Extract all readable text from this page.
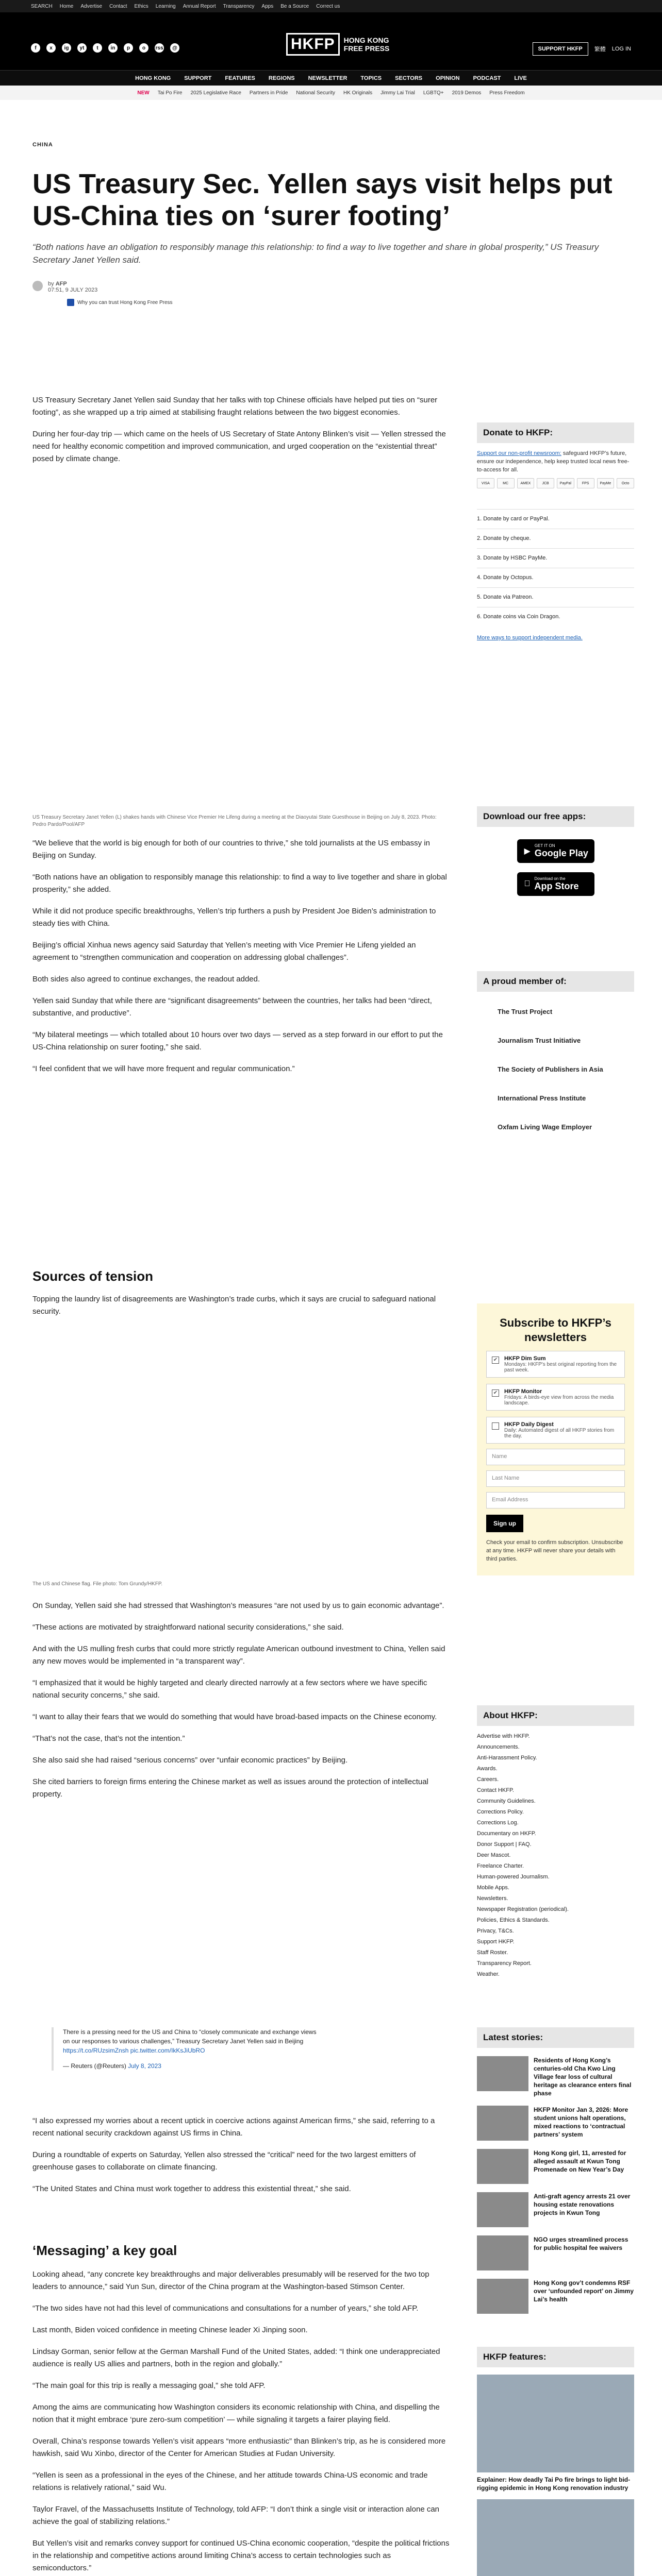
SEARCH Home Advertise Contact Ethics Learning Annual Report Transparency Apps Be a Source Correct us
f	x	ig	yt	t	in	p	o	rss	@	HKFP	HONG KONG
FREE PRESS	SUPPORT HKFP	繁體 LOG IN
HONG KONG SUPPORT FEATURES REGIONS NEWSLETTER TOPICS SECTORS OPINION PODCAST LIVE
NEW Tai Po Fire 2025 Legislative Race Partners in Pride National Security HK Originals Jimmy Lai Trial LGBTQ+ 2019 Demos Press Freedom
CHINA
US Treasury Sec. Yellen says visit helps put US-China ties on ‘surer footing’
“Both nations have an obligation to responsibly manage this relationship: to find a way to live together and share in global prosperity,” US Treasury Secretary Janet Yellen said.
by AFP
07:51, 9 JULY 2023
Why you can trust Hong Kong Free Press

US Treasury Secretary Janet Yellen said Sunday that her talks with top Chinese officials have helped put ties on “surer footing”, as she wrapped up a trip aimed at stabilising fraught relations between the two biggest economies.

During her four-day trip — which came on the heels of US Secretary of State Antony Blinken’s visit — Yellen stressed the need for healthy economic competition and improved communication, and urged cooperation on the “existential threat” posed by climate change.

US Treasury Secretary Janet Yellen (L) shakes hands with Chinese Vice Premier He Lifeng during a meeting at the Diaoyutai State Guesthouse in Beijing on July 8, 2023. Photo: Pedro Pardo/Pool/AFP

“We believe that the world is big enough for both of our countries to thrive,” she told journalists at the US embassy in Beijing on Sunday.

“Both nations have an obligation to responsibly manage this relationship: to find a way to live together and share in global prosperity,” she added.

While it did not produce specific breakthroughs, Yellen’s trip furthers a push by President Joe Biden’s administration to steady ties with China.

Beijing’s official Xinhua news agency said Saturday that Yellen’s meeting with Vice Premier He Lifeng yielded an agreement to “strengthen communication and cooperation on addressing global challenges”.

Both sides also agreed to continue exchanges, the readout added.

Yellen said Sunday that while there are “significant disagreements” between the countries, her talks had been “direct, substantive, and productive”.

“My bilateral meetings — which totalled about 10 hours over two days — served as a step forward in our effort to put the US-China relationship on surer footing,” she said.

“I feel confident that we will have more frequent and regular communication.”

Sources of tension

Topping the laundry list of disagreements are Washington’s trade curbs, which it says are crucial to safeguard national security.

The US and Chinese flag. File photo: Tom Grundy/HKFP.

On Sunday, Yellen said she had stressed that Washington’s measures “are not used by us to gain economic advantage”.

“These actions are motivated by straightforward national security considerations,” she said.

And with the US mulling fresh curbs that could more strictly regulate American outbound investment to China, Yellen said any new moves would be implemented in “a transparent way”.

“I emphasized that it would be highly targeted and clearly directed narrowly at a few sectors where we have specific national security concerns,” she said.

“I want to allay their fears that we would do something that would have broad-based impacts on the Chinese economy.

“That’s not the case, that’s not the intention.”

She also said she had raised “serious concerns” over “unfair economic practices” by Beijing.

She cited barriers to foreign firms entering the Chinese market as well as issues around the protection of intellectual property.

There is a pressing need for the US and China to “closely communicate and exchange views on our responses to various challenges,” Treasury Secretary Janet Yellen said in Beijing https://t.co/RUzsimZnsh pic.twitter.com/IkKsJiUbRO

— Reuters (@Reuters) July 8, 2023

“I also expressed my worries about a recent uptick in coercive actions against American firms,” she said, referring to a recent national security crackdown against US firms in China.

During a roundtable of experts on Saturday, Yellen also stressed the “critical” need for the two largest emitters of greenhouse gases to collaborate on climate financing.

“The United States and China must work together to address this existential threat,” she said.

‘Messaging’ a key goal

Looking ahead, “any concrete key breakthroughs and major deliverables presumably will be reserved for the two top leaders to announce,” said Yun Sun, director of the China program at the Washington-based Stimson Center.

“The two sides have not had this level of communications and consultations for a number of years,” she told AFP.

Last month, Biden voiced confidence in meeting Chinese leader Xi Jinping soon.

Lindsay Gorman, senior fellow at the German Marshall Fund of the United States, added: “I think one underappreciated audience is really US allies and partners, both in the region and globally.”

“The main goal for this trip is really a messaging goal,” she told AFP.

Among the aims are communicating how Washington considers its economic relationship with China, and dispelling the notion that it might embrace ‘pure zero-sum competition’ — while signaling it targets a fairer playing field.

Overall, China’s response towards Yellen’s visit appears “more enthusiastic” than Blinken’s trip, as he is considered more hawkish, said Wu Xinbo, director of the Center for American Studies at Fudan University.

“Yellen is seen as a professional in the eyes of the Chinese, and her attitude towards China-US economic and trade relations is relatively rational,” said Wu.

Taylor Fravel, of the Massachusetts Institute of Technology, told AFP: “I don’t think a single visit or interaction alone can achieve the goal of stabilizing relations.”

But Yellen’s visit and remarks convey support for continued US-China economic cooperation, “despite the political frictions in the relationship and competitive actions around limiting China’s access to certain technologies such as semiconductors.”

Donate to HKFP:
Support our non-profit newsroom: safeguard HKFP’s future, ensure our independence, help keep trusted local news free-to-access for all.
VISA	MC	AMEX	JCB	PayPal	FPS	PayMe	Octo
1. Donate by card or PayPal.
2. Donate by cheque.
3. Donate by HSBC PayMe.
4. Donate by Octopus.
5. Donate via Patreon.
6. Donate coins via Coin Dragon.
More ways to support independent media.
Download our free apps:
▶
GET IT ON
Google Play
Download on the
App Store
A proud member of:
The Trust Project
Journalism Trust Initiative
The Society of Publishers in Asia
International Press Institute
Oxfam Living Wage Employer
Subscribe to HKFP’s newsletters
✔ HKFP Dim Sum
Mondays: HKFP's best original reporting from the past week.
✔ HKFP Monitor
Fridays: A birds-eye view from across the media landscape.
HKFP Daily Digest
Daily: Automated digest of all HKFP stories from the day.
Name
Last Name
Email Address
Sign up
Check your email to confirm subscription. Unsubscribe at any time. HKFP will never share your details with third parties.
About HKFP:
Advertise with HKFP.
Announcements.
Anti-Harassment Policy.
Awards.
Careers.
Contact HKFP.
Community Guidelines.
Corrections Policy.
Corrections Log.
Documentary on HKFP.
Donor Support | FAQ.
Deer Mascot.
Freelance Charter.
Human-powered Journalism.
Mobile Apps.
Newsletters.
Newspaper Registration (periodical).
Policies, Ethics & Standards.
Privacy, T&Cs.
Support HKFP.
Staff Roster.
Transparency Report.
Weather.
Latest stories:
Residents of Hong Kong’s centuries-old Cha Kwo Ling Village fear loss of cultural heritage as clearance enters final phase
HKFP Monitor Jan 3, 2026: More student unions halt operations, mixed reactions to ‘contractual partners’ system
Hong Kong girl, 11, arrested for alleged assault at Kwun Tong Promenade on New Year’s Day
Anti-graft agency arrests 21 over housing estate renovations projects in Kwun Tong
NGO urges streamlined process for public hospital fee waivers
Hong Kong gov’t condemns RSF over ‘unfounded report’ on Jimmy Lai’s health
HKFP features:
Explainer: How deadly Tai Po fire brings to light bid-rigging epidemic in Hong Kong renovation industry
